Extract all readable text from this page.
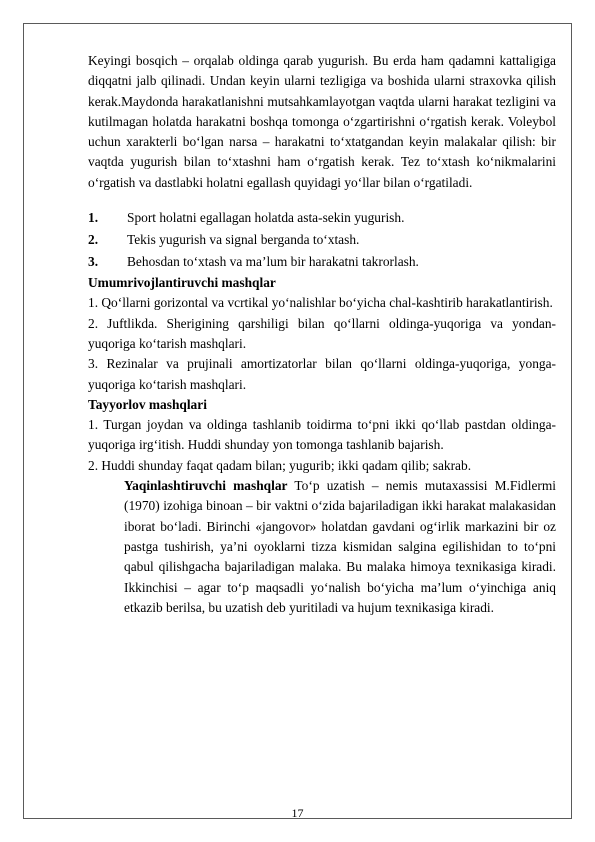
Keyingi bosqich – orqalab oldinga qarab yugurish. Bu erda ham qadamni kattaligiga diqqatni jalb qilinadi. Undan keyin ularni tezligiga va boshida ularni straxovka qilish kerak.Maydonda harakatlanishni mutsahkamlayotgan vaqtda ularni harakat tezligini va kutilmagan holatda harakatni boshqa tomonga o‘zgartirishni o‘rgatish kerak. Voleybol uchun xarakterli bo‘lgan narsa – harakatni to‘xtatgandan keyin malakalar qilish: bir vaqtda yugurish bilan to‘xtashni ham o‘rgatish kerak. Tez to‘xtash ko‘nikmalarini o‘rgatish va dastlabki holatni egallash quyidagi yo‘llar bilan o‘rgatiladi.

1.	Sport holatni egallagan holatda asta-sekin yugurish.
2.	Tekis yugurish va signal berganda to‘xtash.
3.	Behosdan to‘xtash va ma’lum bir harakatni takrorlash.

Umumrivojlantiruvchi mashqlar

1. Qo‘llarni gorizontal va vcrtikal yo‘nalishlar bo‘yicha chal-kashtirib harakatlantirish.

2. Juftlikda. Sherigining qarshiligi bilan qo‘llarni oldinga-yuqoriga va yondan-yuqoriga ko‘tarish mashqlari.

3. Rezinalar va prujinali amortizatorlar bilan qo‘llarni oldinga-yuqoriga, yonga-yuqoriga ko‘tarish mashqlari.

Tayyorlov mashqlari

1. Turgan joydan va oldinga tashlanib toidirma to‘pni ikki qo‘llab pastdan oldinga-yuqoriga irg‘itish. Huddi shunday yon tomonga tashlanib bajarish.

2. Huddi shunday faqat qadam bilan; yugurib; ikki qadam qilib; sakrab.

Yaqinlashtiruvchi mashqlar To‘p uzatish – nemis mutaxassisi M.Fidlermi (1970) izohiga binoan – bir vaktni o‘zida bajariladigan ikki harakat malakasidan iborat bo‘ladi. Birinchi «jangovor» holatdan gavdani og‘irlik markazini bir oz pastga tushirish, ya’ni oyoklarni tizza kismidan salgina egilishidan to to‘pni qabul qilishgacha bajariladigan malaka. Bu malaka himoya texnikasiga kiradi. Ikkinchisi – agar to‘p maqsadli yo‘nalish bo‘yicha ma’lum o‘yinchiga aniq etkazib berilsa, bu uzatish deb yuritiladi va hujum texnikasiga kiradi.

17
